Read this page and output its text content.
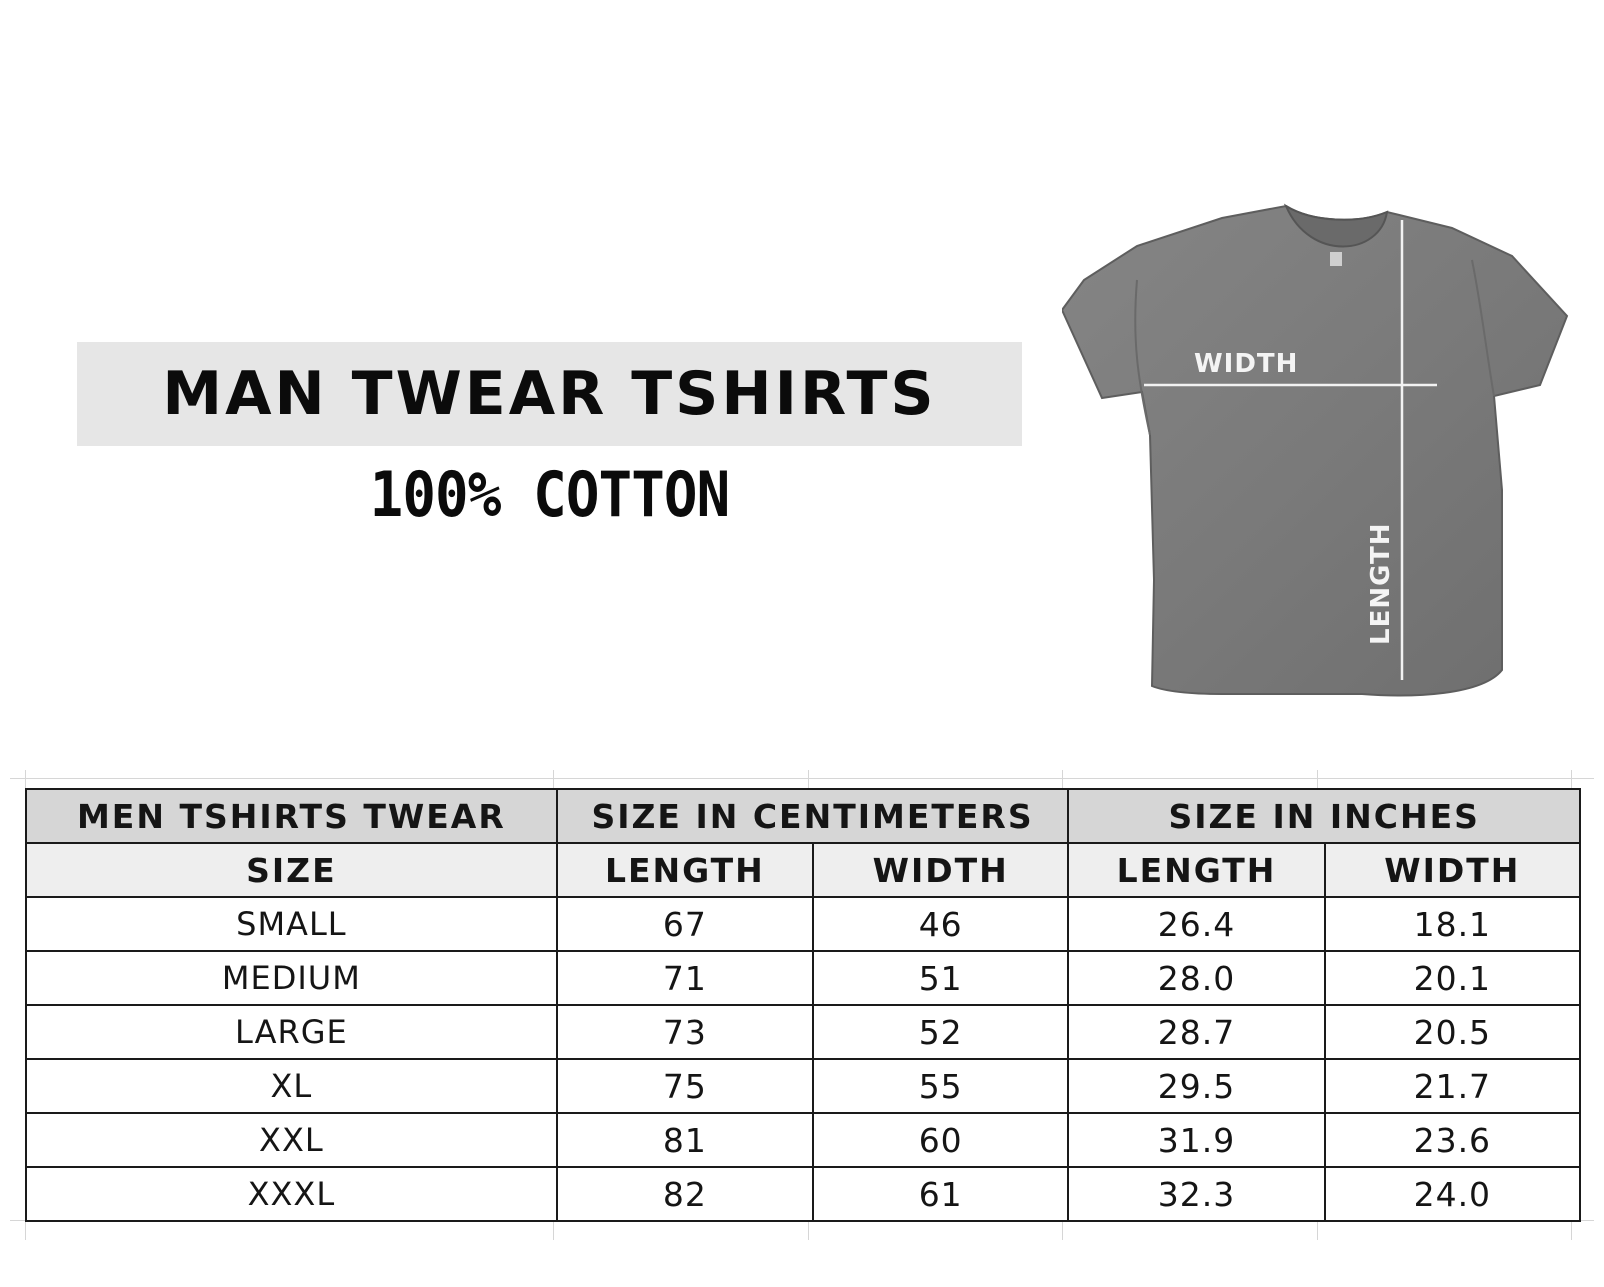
MAN TWEAR TSHIRTS
100% COTTON
WIDTH
LENGTH
MEN TSHIRTS TWEAR	SIZE IN CENTIMETERS		SIZE IN INCHES	
SIZE	LENGTH	WIDTH	LENGTH	WIDTH
SMALL	67	46	26.4	18.1
MEDIUM	71	51	28.0	20.1
LARGE	73	52	28.7	20.5
XL	75	55	29.5	21.7
XXL	81	60	31.9	23.6
XXXL	82	61	32.3	24.0
